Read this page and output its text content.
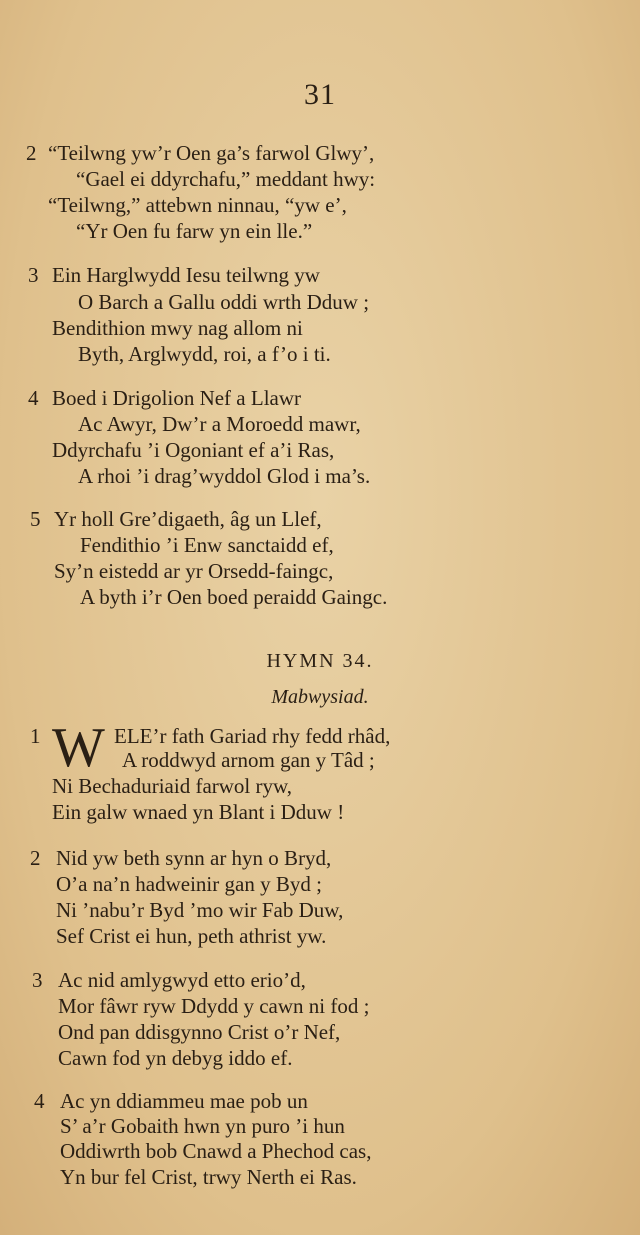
31
2 “Teilwng yw’r Oen ga’s farwol Glwy’,
“Gael ei ddyrchafu,” meddant hwy:
“Teilwng,” attebwn ninnau, “yw e’,
“Yr Oen fu farw yn ein lle.”
3 Ein Harglwydd Iesu teilwng yw
O Barch a Gallu oddi wrth Dduw ;
Bendithion mwy nag allom ni
Byth, Arglwydd, roi, a f’o i ti.
4 Boed i Drigolion Nef a Llawr
Ac Awyr, Dw’r a Moroedd mawr,
Ddyrchafu ’i Ogoniant ef a’i Ras,
A rhoi ’i drag’wyddol Glod i ma’s.
5 Yr holl Gre’digaeth, âg un Llef,
Fendithio ’i Enw sanctaidd ef,
Sy’n eistedd ar yr Orsedd-faingc,
A byth i’r Oen boed peraidd Gaingc.
HYMN 34.
Mabwysiad.
1 W ELE’r fath Gariad rhy fedd rhâd,
A roddwyd arnom gan y Tâd ;
Ni Bechaduriaid farwol ryw,
Ein galw wnaed yn Blant i Dduw !
2 Nid yw beth synn ar hyn o Bryd,
O’a na’n hadweinir gan y Byd ;
Ni ’nabu’r Byd ’mo wir Fab Duw,
Sef Crist ei hun, peth athrist yw.
3 Ac nid amlygwyd etto erio’d,
Mor fâwr ryw Ddydd y cawn ni fod ;
Ond pan ddisgynno Crist o’r Nef,
Cawn fod yn debyg iddo ef.
4 Ac yn ddiammeu mae pob un
S’ a’r Gobaith hwn yn puro ’i hun
Oddiwrth bob Cnawd a Phechod cas,
Yn bur fel Crist, trwy Nerth ei Ras.
